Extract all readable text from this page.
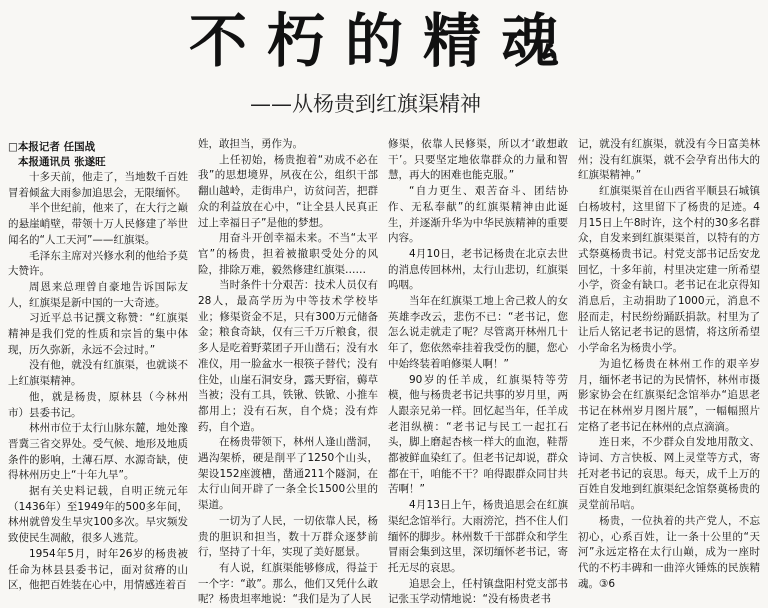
不朽的精魂
——从杨贵到红旗渠精神
□本报记者 任国战
本报通讯员 张遂旺

十多天前，他走了，当地数千百姓冒着倾盆大雨参加追思会，无限缅怀。

半个世纪前，他来了，在大行之巅的悬崖峭壁，带领十万人民修建了举世闻名的“人工天河”——红旗渠。

毛泽东主席对兴修水利的他给予莫大赞许。

周恩来总理曾自豪地告诉国际友人，红旗渠是新中国的一大奇迹。

习近平总书记撰文称赞：“红旗渠精神是我们党的性质和宗旨的集中体现，历久弥新，永远不会过时。”

没有他，就没有红旗渠，也就谈不上红旗渠精神。

他，就是杨贵，原林县（今林州市）县委书记。

林州市位于太行山脉东麓，地处豫晋冀三省交界处。受气候、地形及地质条件的影响，土薄石厚、水源奇缺，使得林州历史上“十年九旱”。

据有关史料记载，自明正统元年（1436年）至1949年的500多年间，林州就曾发生旱灾100多次。旱灾频发致使民生凋敝，很多人逃荒。

1954年5月，时年26岁的杨贵被任命为林县县委书记，面对贫瘠的山区，他把百姓装在心中，用情感连着百

姓，敢担当，勇作为。

上任初始，杨贵抱着“劝成不必在我”的思想境界，夙夜在公，组织干部翻山越岭，走街串户，访贫问苦，把群众的利益放在心中，“让全县人民真正过上幸福日子”是他的梦想。

用奋斗开创幸福未来。不当“太平官”的杨贵，担着被撤职受处分的风险，排除万难，毅然修建红旗渠……

当时条件十分艰苦：技术人员仅有28人，最高学历为中等技术学校毕业；修渠资金不足，只有300万元储备金；粮食奇缺，仅有三千万斤粮食，很多人是吃着野菜团子开山凿石；没有水准仪，用一脸盆水一根筷子替代；没有住处，山崖石洞安身，露天野宿，薅草当被；没有工具，铁锹、铁锨、小推车都用上；没有石灰，自个烧；没有炸药，自个造。

在杨贵带领下，林州人逢山凿洞，遇沟架桥，硬是削平了1250个山头，架设152座渡槽，凿通211个隧洞，在太行山间开辟了一条全长1500公里的渠道。

一切为了人民，一切依靠人民，杨贵的胆识和担当，数十万群众逐梦前行，坚持了十年，实现了美好愿景。

有人说，红旗渠能够修成，得益于一个字：“敢”。那么，他们又凭什么敢呢？杨贵坦率地说：“我们是为了人民

修渠，依靠人民修渠，所以才‘敢想敢干’。只要坚定地依靠群众的力量和智慧，再大的困难也能克服。”

“自力更生、艰苦奋斗、团结协作、无私奉献”的红旗渠精神由此诞生，并逐渐升华为中华民族精神的重要内容。

4月10日，老书记杨贵在北京去世的消息传回林州，太行山悲切，红旗渠呜咽。

当年在红旗渠工地上舍己救人的女英雄李改云，悲伤不已：“老书记，您怎么说走就走了呢？尽管离开林州几十年了，您依然牵挂着我受伤的腿，您心中始终装着咱修渠人啊！”

90岁的任羊成，红旗渠特等劳模，他与杨贵老书记共事的岁月里，两人跟亲兄弟一样。回忆起当年，任羊成老泪纵横：“老书记与民工一起扛石头，脚上磨起杏核一样大的血泡，鞋帮都被鲜血染红了。但老书记却说，群众都在干，咱能不干？咱得跟群众同甘共苦啊！”

4月13日上午，杨贵追思会在红旗渠纪念馆举行。大雨滂沱，挡不住人们缅怀的脚步。林州数千干部群众和学生冒雨会集到这里，深切缅怀老书记，寄托无尽的哀思。

追思会上，任村镇盘阳村党支部书记张玉学动情地说：“没有杨贵老书

记，就没有红旗渠，就没有今日富美林州；没有红旗渠，就不会孕育出伟大的红旗渠精神。”

红旗渠渠首在山西省平顺县石城镇白杨坡村，这里留下了杨贵的足迹。4月15日上午8时许，这个村的30多名群众，自发来到红旗渠渠首，以特有的方式祭奠杨贵书记。村党支部书记岳安龙回忆，十多年前，村里决定建一所希望小学，资金有缺口。老书记在北京得知消息后，主动捐助了1000元，消息不胫而走，村民纷纷踊跃捐款。村里为了让后人铭记老书记的恩情，将这所希望小学命名为杨贵小学。

为追忆杨贵在林州工作的艰辛岁月，缅怀老书记的为民情怀，林州市摄影家协会在红旗渠纪念馆举办“追思老书记在林州岁月图片展”，一幅幅照片定格了老书记在林州的点点滴滴。

连日来，不少群众自发地用散文、诗词、方言快板、网上灵堂等方式，寄托对老书记的哀思。每天，成千上万的百姓自发地到红旗渠纪念馆祭奠杨贵的灵堂前吊唁。

杨贵，一位执着的共产党人，不忘初心，心系百姓，让一条十公里的“天河”永远定格在太行山巅，成为一座时代的不朽丰碑和一曲淬火锤炼的民族精魂。③6
